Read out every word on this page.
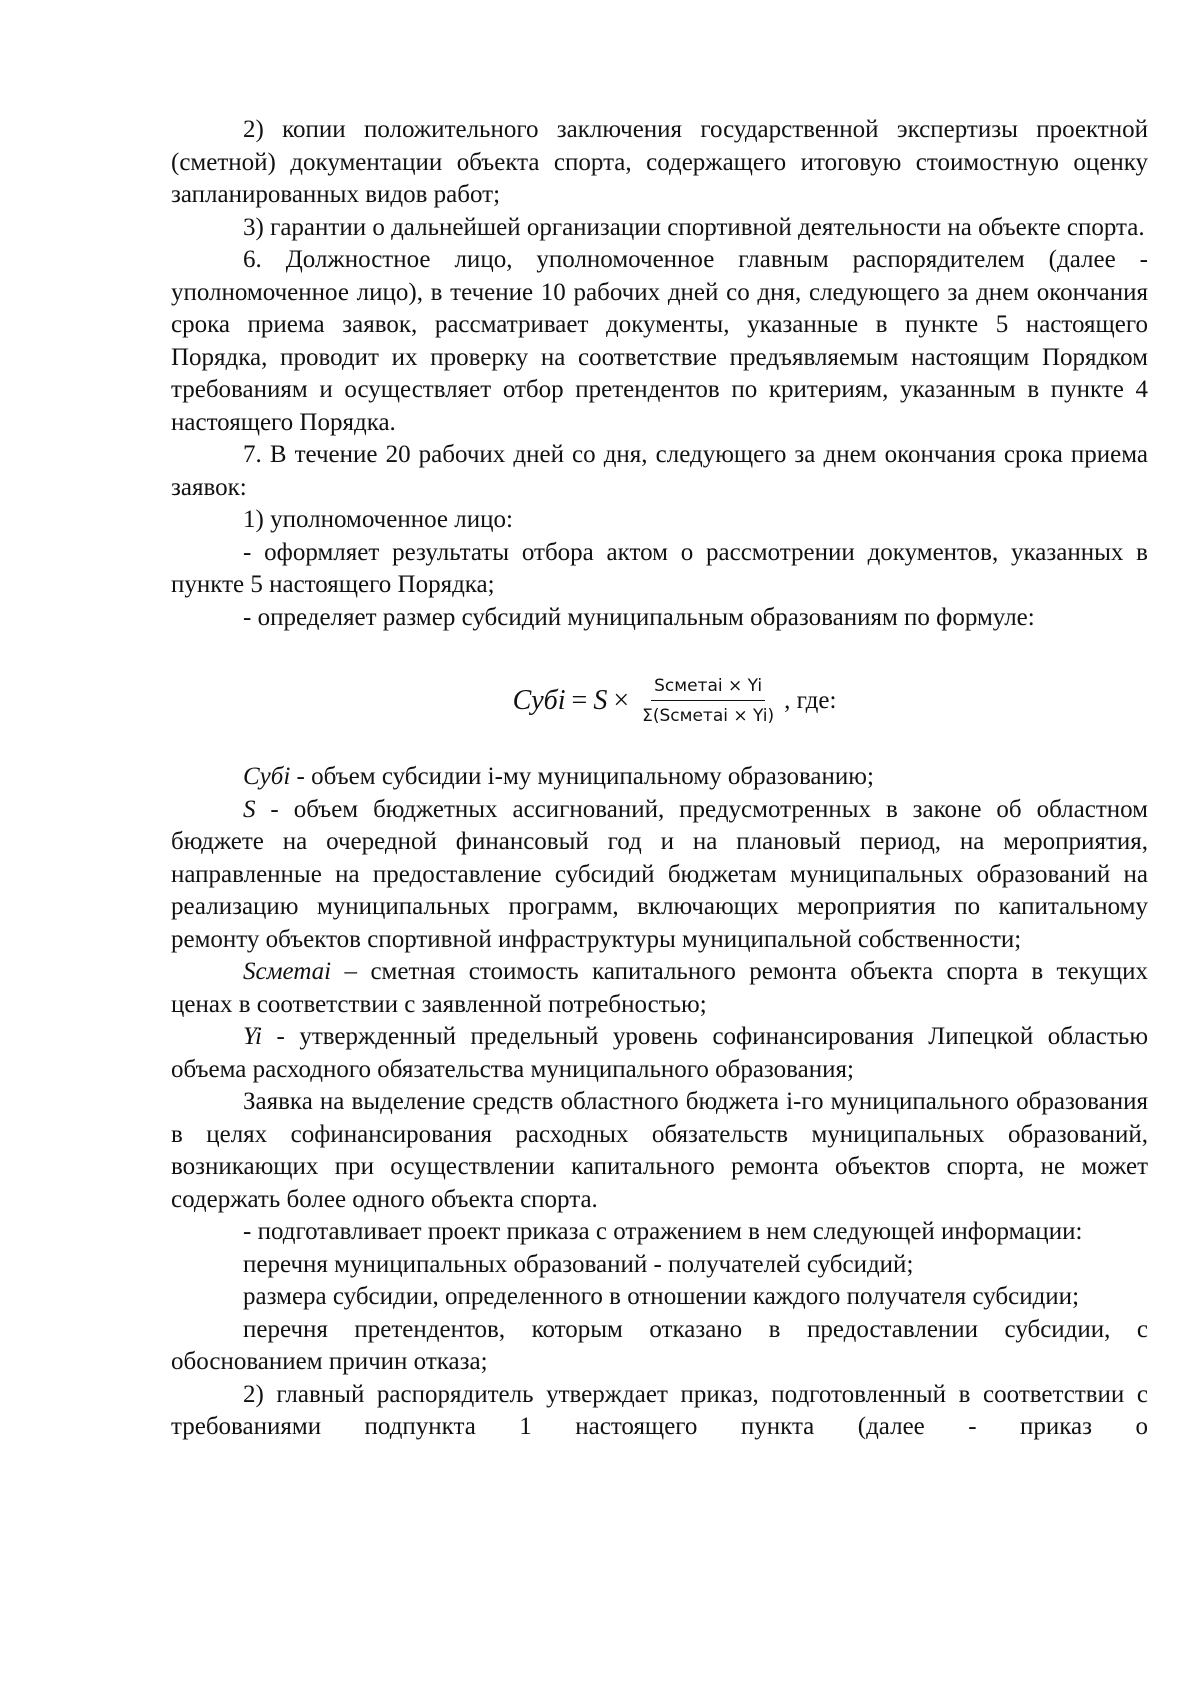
2) копии положительного заключения государственной экспертизы проектной (сметной) документации объекта спорта, содержащего итоговую стоимостную оценку запланированных видов работ;

3) гарантии о дальнейшей организации спортивной деятельности на объекте спорта.

6. Должностное лицо, уполномоченное главным распорядителем (далее - уполномоченное лицо), в течение 10 рабочих дней со дня, следующего за днем окончания срока приема заявок, рассматривает документы, указанные в пункте 5 настоящего Порядка, проводит их проверку на соответствие предъявляемым настоящим Порядком требованиям и осуществляет отбор претендентов по критериям, указанным в пункте 4 настоящего Порядка.

7. В течение 20 рабочих дней со дня, следующего за днем окончания срока приема заявок:

1) уполномоченное лицо:

- оформляет результаты отбора актом о рассмотрении документов, указанных в пункте 5 настоящего Порядка;

- определяет размер субсидий муниципальным образованиям по формуле:

Субi = $S \times \frac{\text{Sсметаi × Yi}}{\text{Σ(Sсметаi × Yi)}}$ , где:

Субi - объем субсидии i-му муниципальному образованию;

S - объем бюджетных ассигнований, предусмотренных в законе об областном бюджете на очередной финансовый год и на плановый период, на мероприятия, направленные на предоставление субсидий бюджетам муниципальных образований на реализацию муниципальных программ, включающих мероприятия по капитальному ремонту объектов спортивной инфраструктуры муниципальной собственности;

Sсметаi – сметная стоимость капитального ремонта объекта спорта в текущих ценах в соответствии с заявленной потребностью;

Yi - утвержденный предельный уровень софинансирования Липецкой областью объема расходного обязательства муниципального образования;

Заявка на выделение средств областного бюджета i-го муниципального образования в целях софинансирования расходных обязательств муниципальных образований, возникающих при осуществлении капитального ремонта объектов спорта, не может содержать более одного объекта спорта.

- подготавливает проект приказа с отражением в нем следующей информации:

перечня муниципальных образований - получателей субсидий;

размера субсидии, определенного в отношении каждого получателя субсидии;

перечня претендентов, которым отказано в предоставлении субсидии, с обоснованием причин отказа;

2) главный распорядитель утверждает приказ, подготовленный в соответствии с требованиями подпункта 1 настоящего пункта (далее - приказ о
